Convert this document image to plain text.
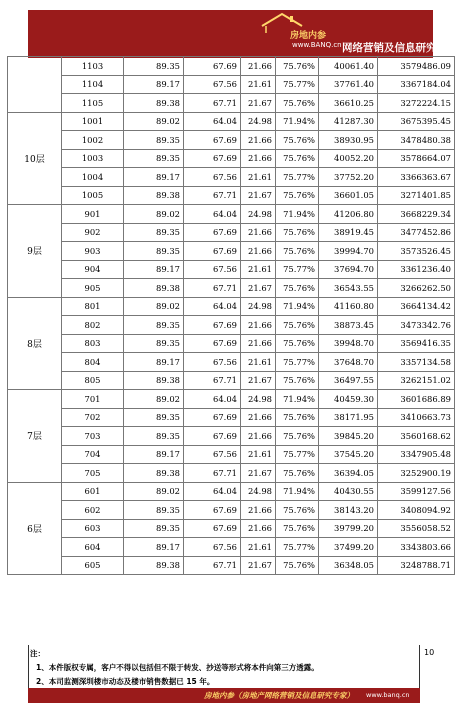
房地内参
www.BANQ.cn 网络营销及信息研究专家
	1103	89.35	67.69	21.66	75.76%	40061.40	3579486.09
	1104	89.17	67.56	21.61	75.77%	37761.40	3367184.04
	1105	89.38	67.71	21.67	75.76%	36610.25	3272224.15
10层	1001	89.02	64.04	24.98	71.94%	41287.30	3675395.45
	1002	89.35	67.69	21.66	75.76%	38930.95	3478480.38
	1003	89.35	67.69	21.66	75.76%	40052.20	3578664.07
	1004	89.17	67.56	21.61	75.77%	37752.20	3366363.67
	1005	89.38	67.71	21.67	75.76%	36601.05	3271401.85
9层	901	89.02	64.04	24.98	71.94%	41206.80	3668229.34
	902	89.35	67.69	21.66	75.76%	38919.45	3477452.86
	903	89.35	67.69	21.66	75.76%	39994.70	3573526.45
	904	89.17	67.56	21.61	75.77%	37694.70	3361236.40
	905	89.38	67.71	21.67	75.76%	36543.55	3266262.50
8层	801	89.02	64.04	24.98	71.94%	41160.80	3664134.42
	802	89.35	67.69	21.66	75.76%	38873.45	3473342.76
	803	89.35	67.69	21.66	75.76%	39948.70	3569416.35
	804	89.17	67.56	21.61	75.77%	37648.70	3357134.58
	805	89.38	67.71	21.67	75.76%	36497.55	3262151.02
7层	701	89.02	64.04	24.98	71.94%	40459.30	3601686.89
	702	89.35	67.69	21.66	75.76%	38171.95	3410663.73
	703	89.35	67.69	21.66	75.76%	39845.20	3560168.62
	704	89.17	67.56	21.61	75.77%	37545.20	3347905.48
	705	89.38	67.71	21.67	75.76%	36394.05	3252900.19
6层	601	89.02	64.04	24.98	71.94%	40430.55	3599127.56
	602	89.35	67.69	21.66	75.76%	38143.20	3408094.92
	603	89.35	67.69	21.66	75.76%	39799.20	3556058.52
	604	89.17	67.56	21.61	75.77%	37499.20	3343803.66
	605	89.38	67.71	21.67	75.76%	36348.05	3248788.71
注：
1、本件版权专属，客户不得以包括但不限于转发、抄送等形式将本件向第三方透露。
2、本司监测深圳楼市动态及楼市销售数据已 15 年。
10
房地内参（房地产网络营销及信息研究专家） www.banq.cn
